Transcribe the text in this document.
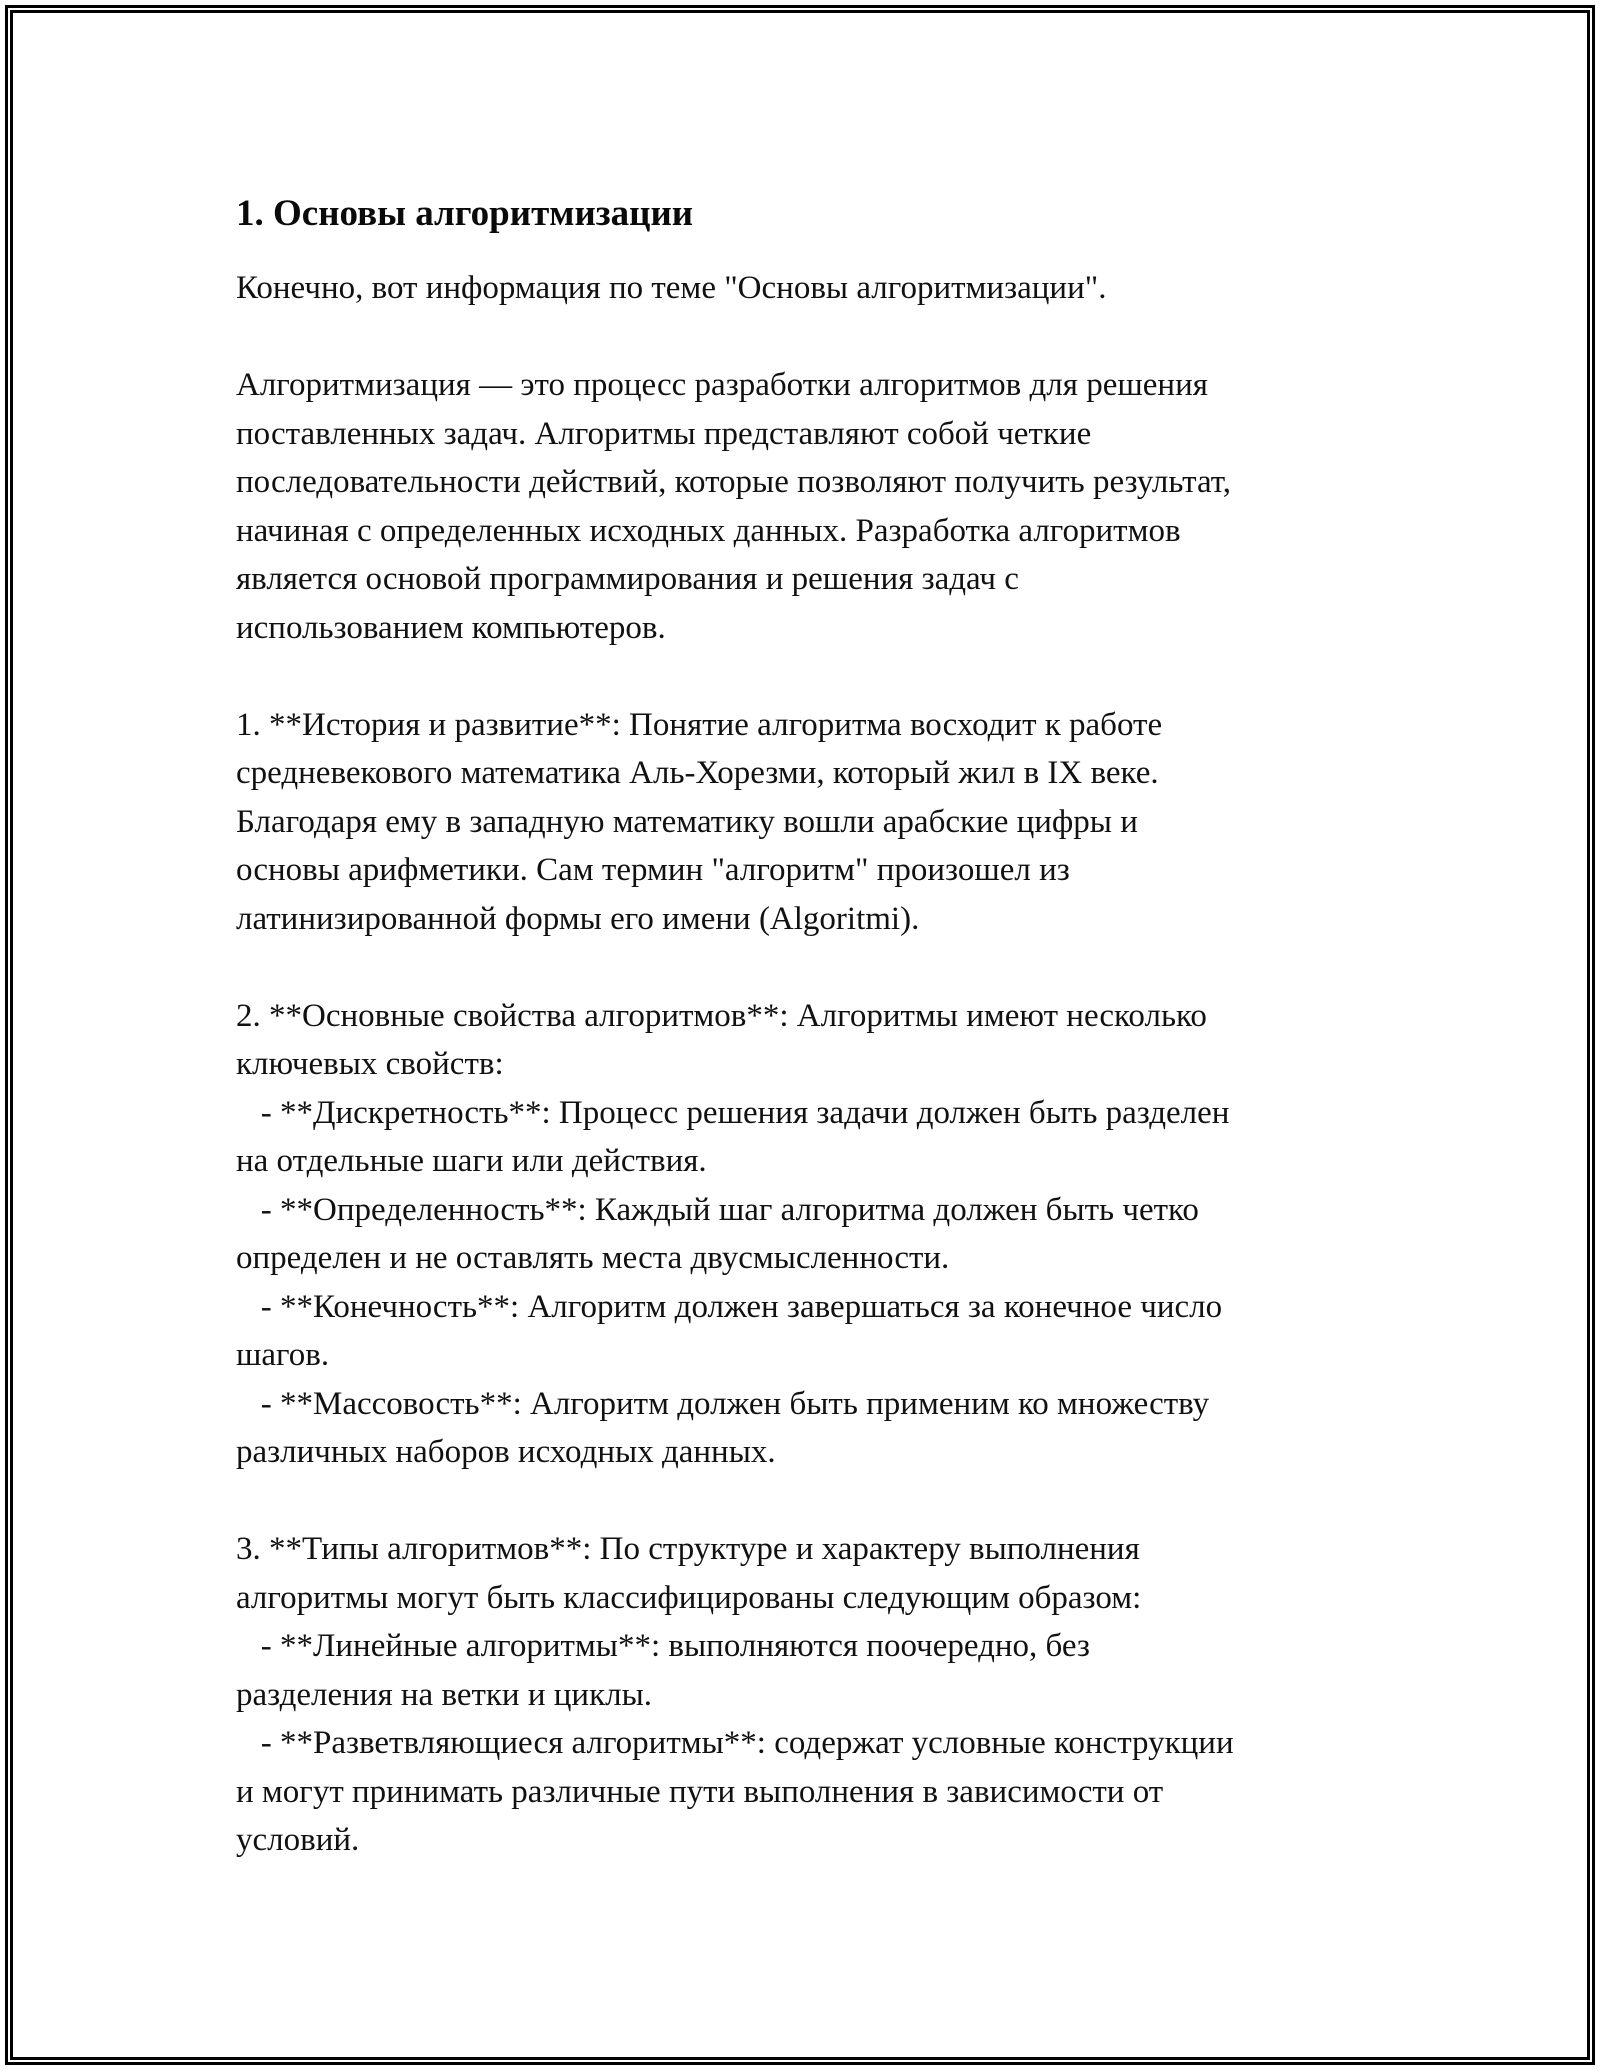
1. Основы алгоритмизации
Конечно, вот информация по теме "Основы алгоритмизации".
Алгоритмизация — это процесс разработки алгоритмов для решения
поставленных задач. Алгоритмы представляют собой четкие
последовательности действий, которые позволяют получить результат,
начиная с определенных исходных данных. Разработка алгоритмов
является основой программирования и решения задач с
использованием компьютеров.
1. **История и развитие**: Понятие алгоритма восходит к работе
средневекового математика Аль-Хорезми, который жил в IX веке.
Благодаря ему в западную математику вошли арабские цифры и
основы арифметики. Сам термин "алгоритм" произошел из
латинизированной формы его имени (Algoritmi).
2. **Основные свойства алгоритмов**: Алгоритмы имеют несколько
ключевых свойств:
- **Дискретность**: Процесс решения задачи должен быть разделен
на отдельные шаги или действия.
- **Определенность**: Каждый шаг алгоритма должен быть четко
определен и не оставлять места двусмысленности.
- **Конечность**: Алгоритм должен завершаться за конечное число
шагов.
- **Массовость**: Алгоритм должен быть применим ко множеству
различных наборов исходных данных.
3. **Типы алгоритмов**: По структуре и характеру выполнения
алгоритмы могут быть классифицированы следующим образом:
- **Линейные алгоритмы**: выполняются поочередно, без
разделения на ветки и циклы.
- **Разветвляющиеся алгоритмы**: содержат условные конструкции
и могут принимать различные пути выполнения в зависимости от
условий.
